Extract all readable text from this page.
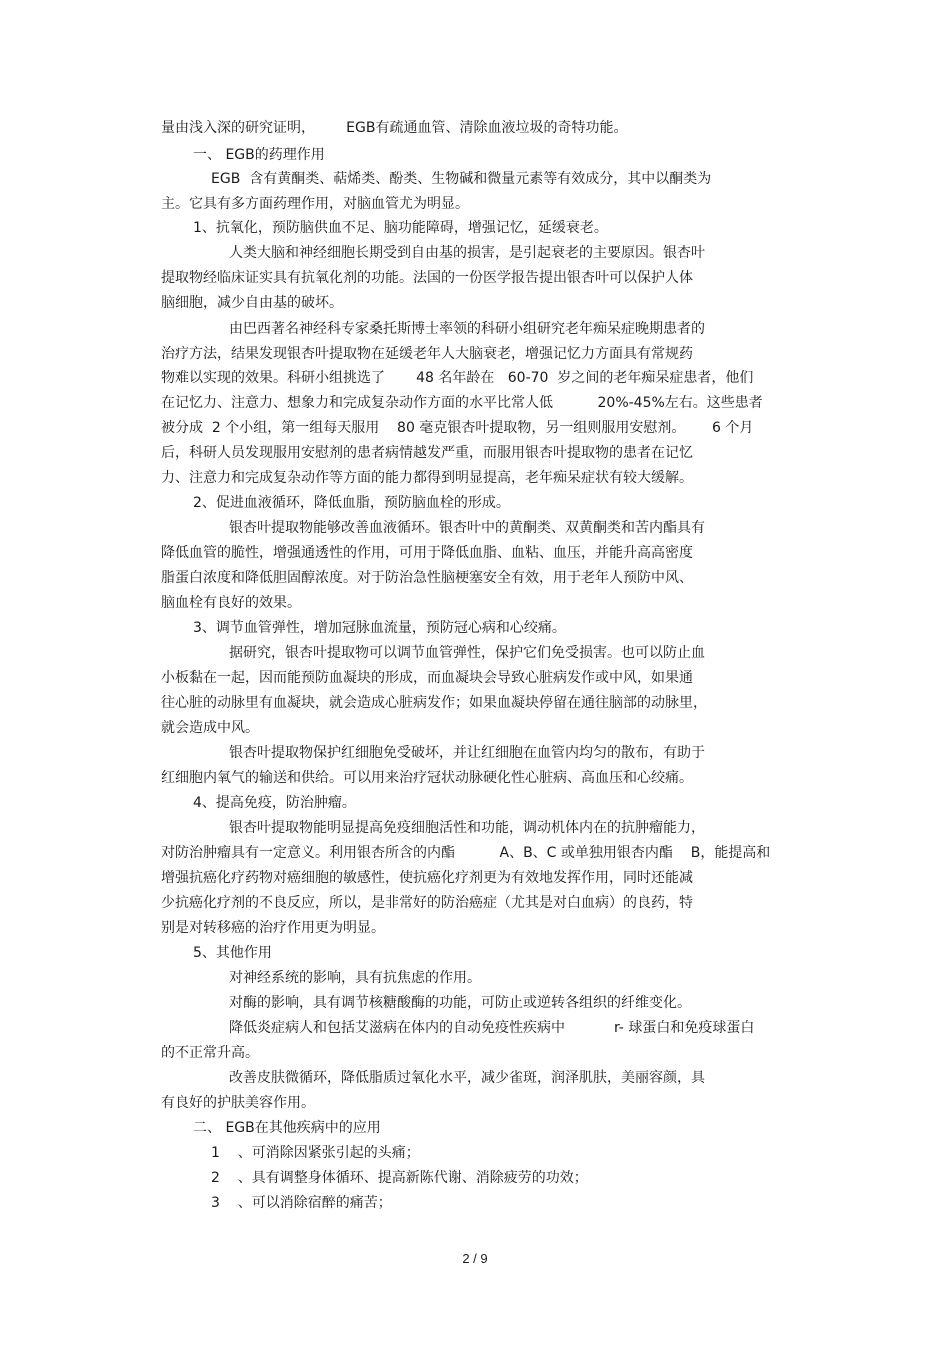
量由浅入深的研究证明，       EGB有疏通血管、清除血液垃圾的奇特功能。
一、 EGB的药理作用
EGB  含有黄酮类、萜烯类、酚类、生物碱和微量元素等有效成分，其中以酮类为
主。它具有多方面药理作用，对脑血管尤为明显。
1、抗氧化，预防脑供血不足、脑功能障碍，增强记忆，延缓衰老。
人类大脑和神经细胞长期受到自由基的损害，是引起衰老的主要原因。银杏叶
提取物经临床证实具有抗氧化剂的功能。法国的一份医学报告提出银杏叶可以保护人体
脑细胞，减少自由基的破坏。
由巴西著名神经科专家桑托斯博士率领的科研小组研究老年痴呆症晚期患者的
治疗方法，结果发现银杏叶提取物在延缓老年人大脑衰老，增强记忆力方面具有常规药
物难以实现的效果。科研小组挑选了       48 名年龄在   60-70  岁之间的老年痴呆症患者，他们
在记忆力、注意力、想象力和完成复杂动作方面的水平比常人低          20%-45%左右。这些患者
被分成  2 个小组，第一组每天服用    80 毫克银杏叶提取物，另一组则服用安慰剂。      6 个月
后，科研人员发现服用安慰剂的患者病情越发严重，而服用银杏叶提取物的患者在记忆
力、注意力和完成复杂动作等方面的能力都得到明显提高，老年痴呆症状有较大缓解。
2、促进血液循环，降低血脂，预防脑血栓的形成。
银杏叶提取物能够改善血液循环。银杏叶中的黄酮类、双黄酮类和苦内酯具有
降低血管的脆性，增强通透性的作用，可用于降低血脂、血粘、血压，并能升高高密度
脂蛋白浓度和降低胆固醇浓度。对于防治急性脑梗塞安全有效，用于老年人预防中风、
脑血栓有良好的效果。
3、调节血管弹性，增加冠脉血流量，预防冠心病和心绞痛。
据研究，银杏叶提取物可以调节血管弹性，保护它们免受损害。也可以防止血
小板黏在一起，因而能预防血凝块的形成，而血凝块会导致心脏病发作或中风，如果通
往心脏的动脉里有血凝块，就会造成心脏病发作；如果血凝块停留在通往脑部的动脉里，
就会造成中风。
银杏叶提取物保护红细胞免受破坏，并让红细胞在血管内均匀的散布，有助于
红细胞内氧气的输送和供给。可以用来治疗冠状动脉硬化性心脏病、高血压和心绞痛。
4、提高免疫，防治肿瘤。
银杏叶提取物能明显提高免疫细胞活性和功能，调动机体内在的抗肿瘤能力，
对防治肿瘤具有一定意义。利用银杏所含的内酯          A、B、C 或单独用银杏内酯    B，能提高和
增强抗癌化疗药物对癌细胞的敏感性，使抗癌化疗剂更为有效地发挥作用，同时还能减
少抗癌化疗剂的不良反应，所以，是非常好的防治癌症（尤其是对白血病）的良药，特
别是对转移癌的治疗作用更为明显。
5、其他作用
对神经系统的影响，具有抗焦虑的作用。
对酶的影响，具有调节核糖酸酶的功能，可防止或逆转各组织的纤维变化。
降低炎症病人和包括艾滋病在体内的自动免疫性疾病中           r- 球蛋白和免疫球蛋白
的不正常升高。
改善皮肤微循环，降低脂质过氧化水平，减少雀斑，润泽肌肤，美丽容颜，具
有良好的护肤美容作用。
二、 EGB在其他疾病中的应用
1    、可消除因紧张引起的头痛；
2    、具有调整身体循环、提高新陈代谢、消除疲劳的功效；
3    、可以消除宿醉的痛苦；
2 / 9
